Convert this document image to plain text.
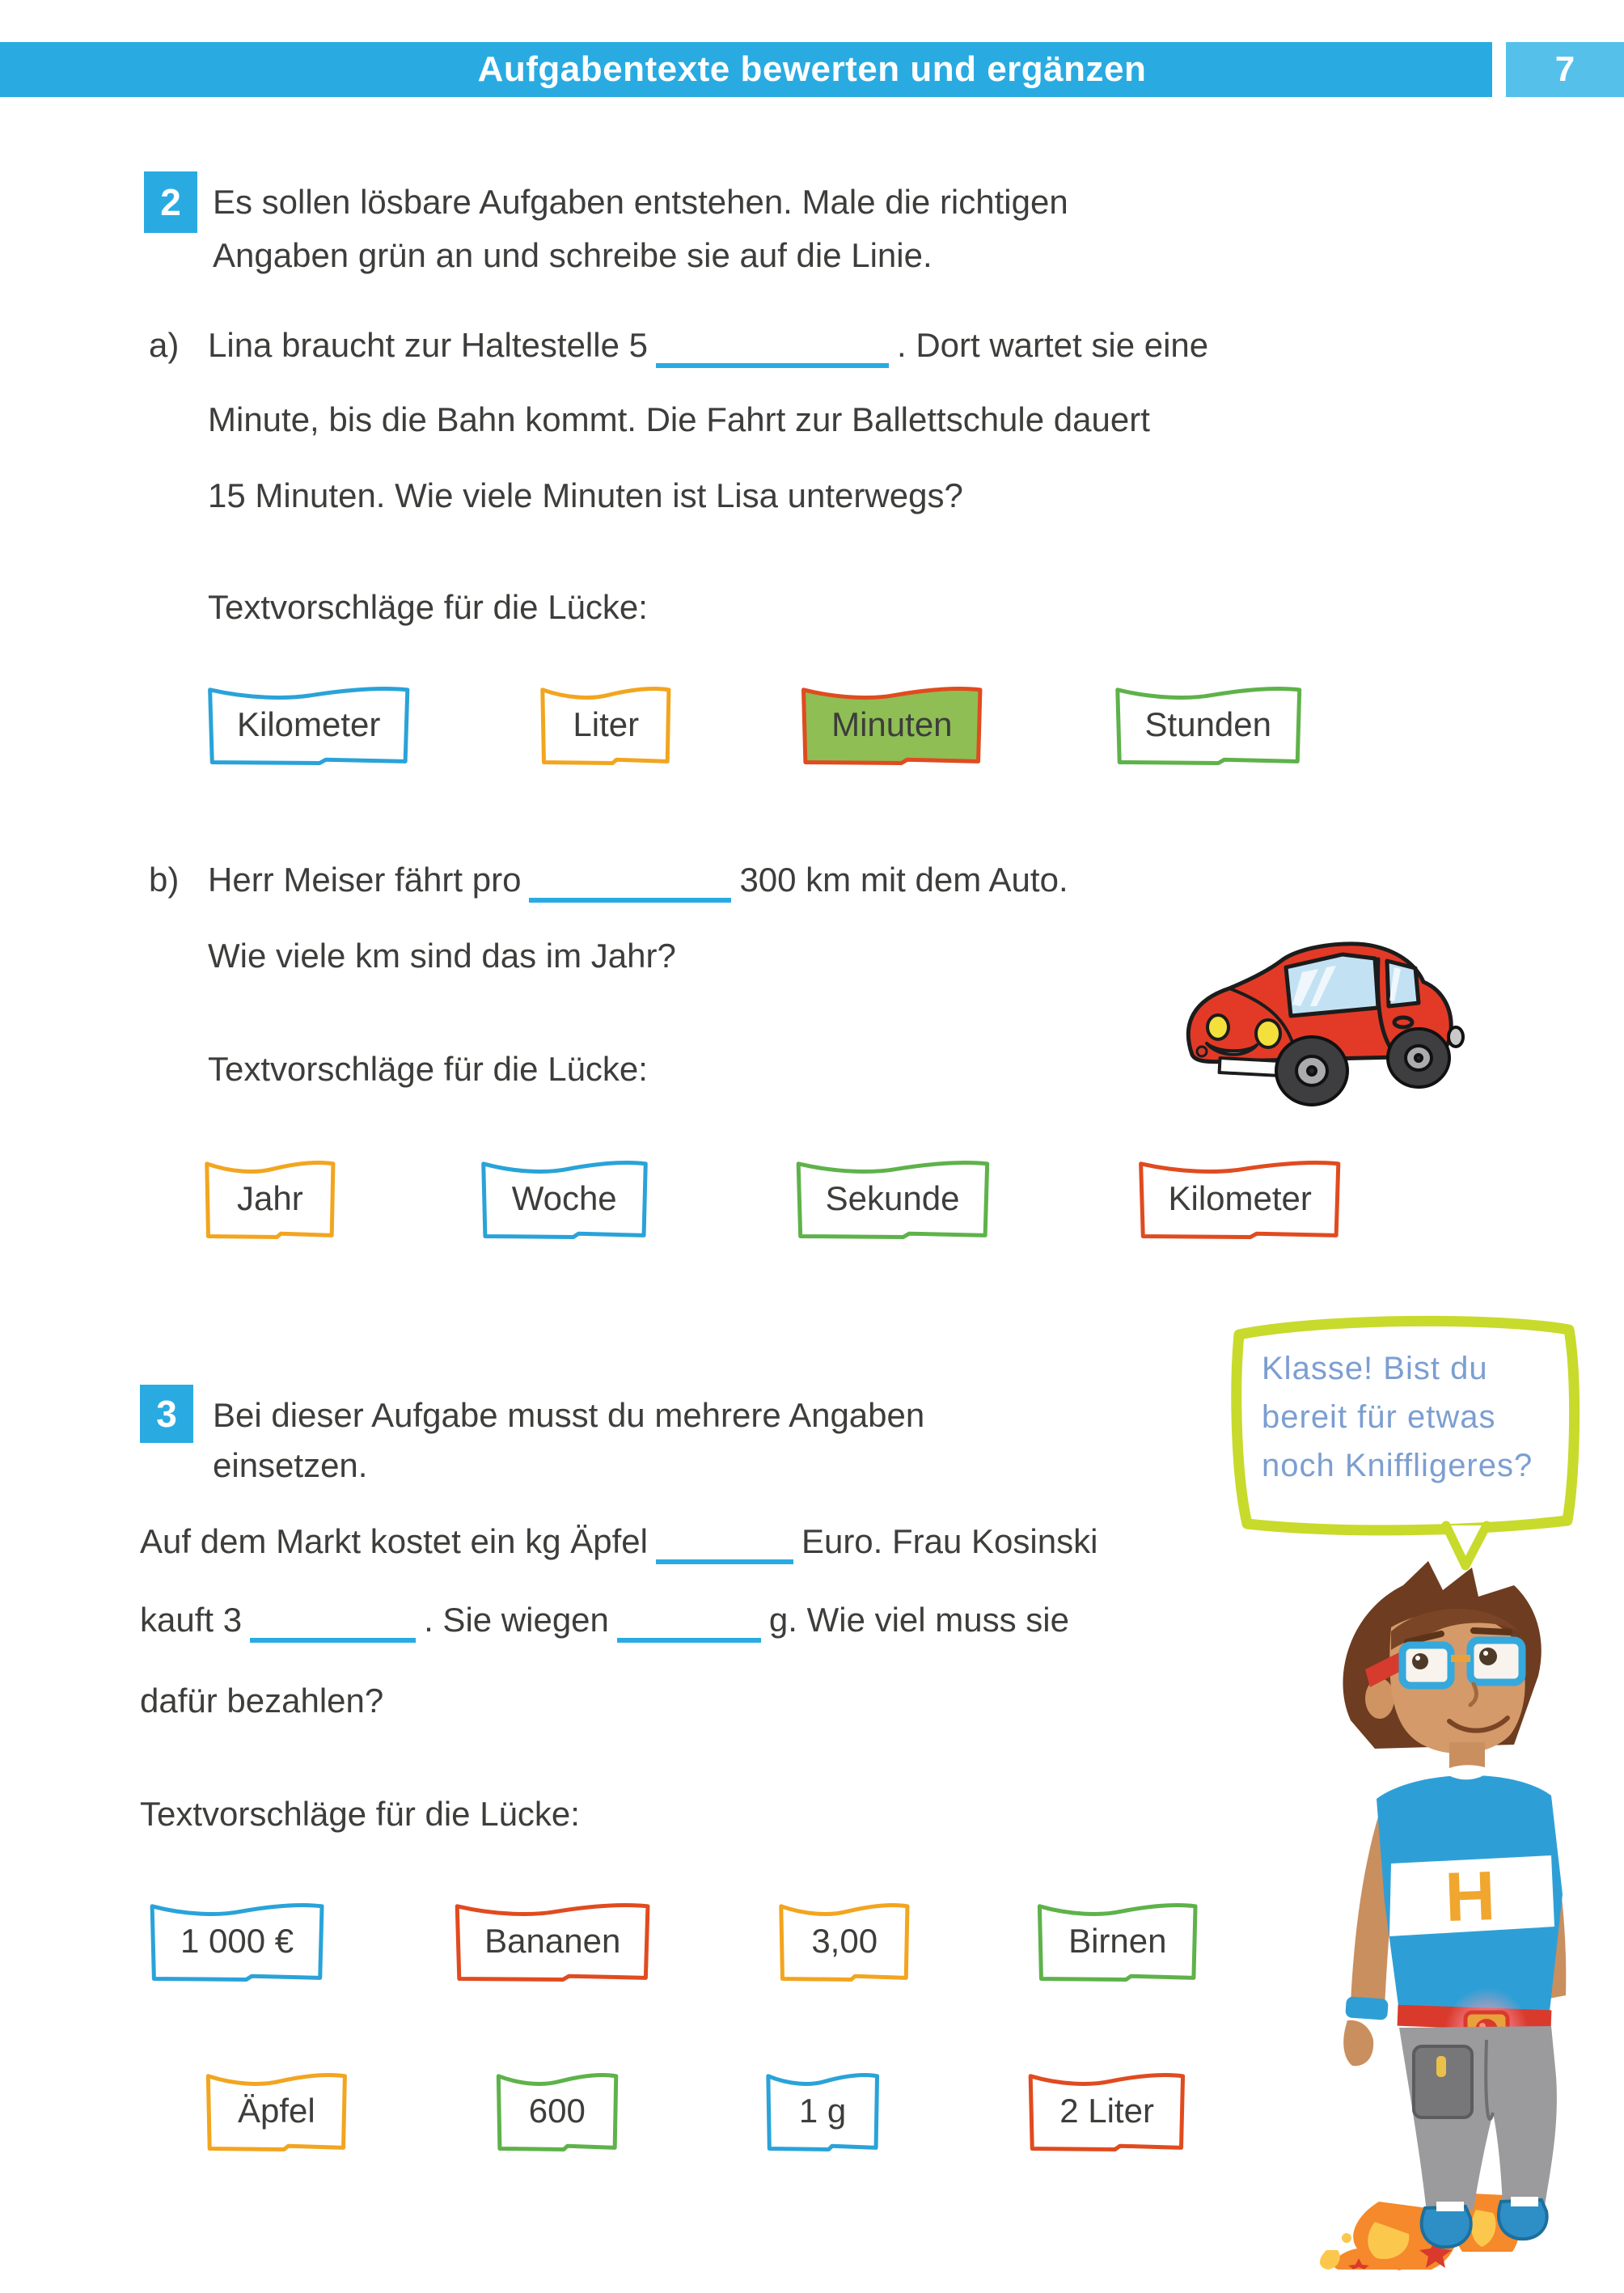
Aufgabentexte bewerten und ergänzen	7
2 Es sollen lösbare Aufgaben entstehen. Male die richtigen
Angaben grün an und schreibe sie auf die Linie.
a) Lina braucht zur Haltestelle 5	. Dort wartet sie eine
Minute, bis die Bahn kommt. Die Fahrt zur Ballettschule dauert
15 Minuten. Wie viele Minuten ist Lisa unterwegs?
Textvorschläge für die Lücke:
Kilometer	Liter	Minuten	Stunden
b) Herr Meiser fährt pro	300 km mit dem Auto.
Wie viele km sind das im Jahr?
Textvorschläge für die Lücke:
Jahr	Woche	Sekunde	Kilometer
3 Bei dieser Aufgabe musst du mehrere Angaben
einsetzen.
Auf dem Markt kostet ein kg Äpfel	Euro. Frau Kosinski
kauft 3	. Sie wiegen	g. Wie viel muss sie
dafür bezahlen?
Textvorschläge für die Lücke:
1 000 €	Bananen	3,00	Birnen
Äpfel	600	1 g	2 Liter
Klasse! Bist du
bereit für etwas
noch Kniffligeres?
H
